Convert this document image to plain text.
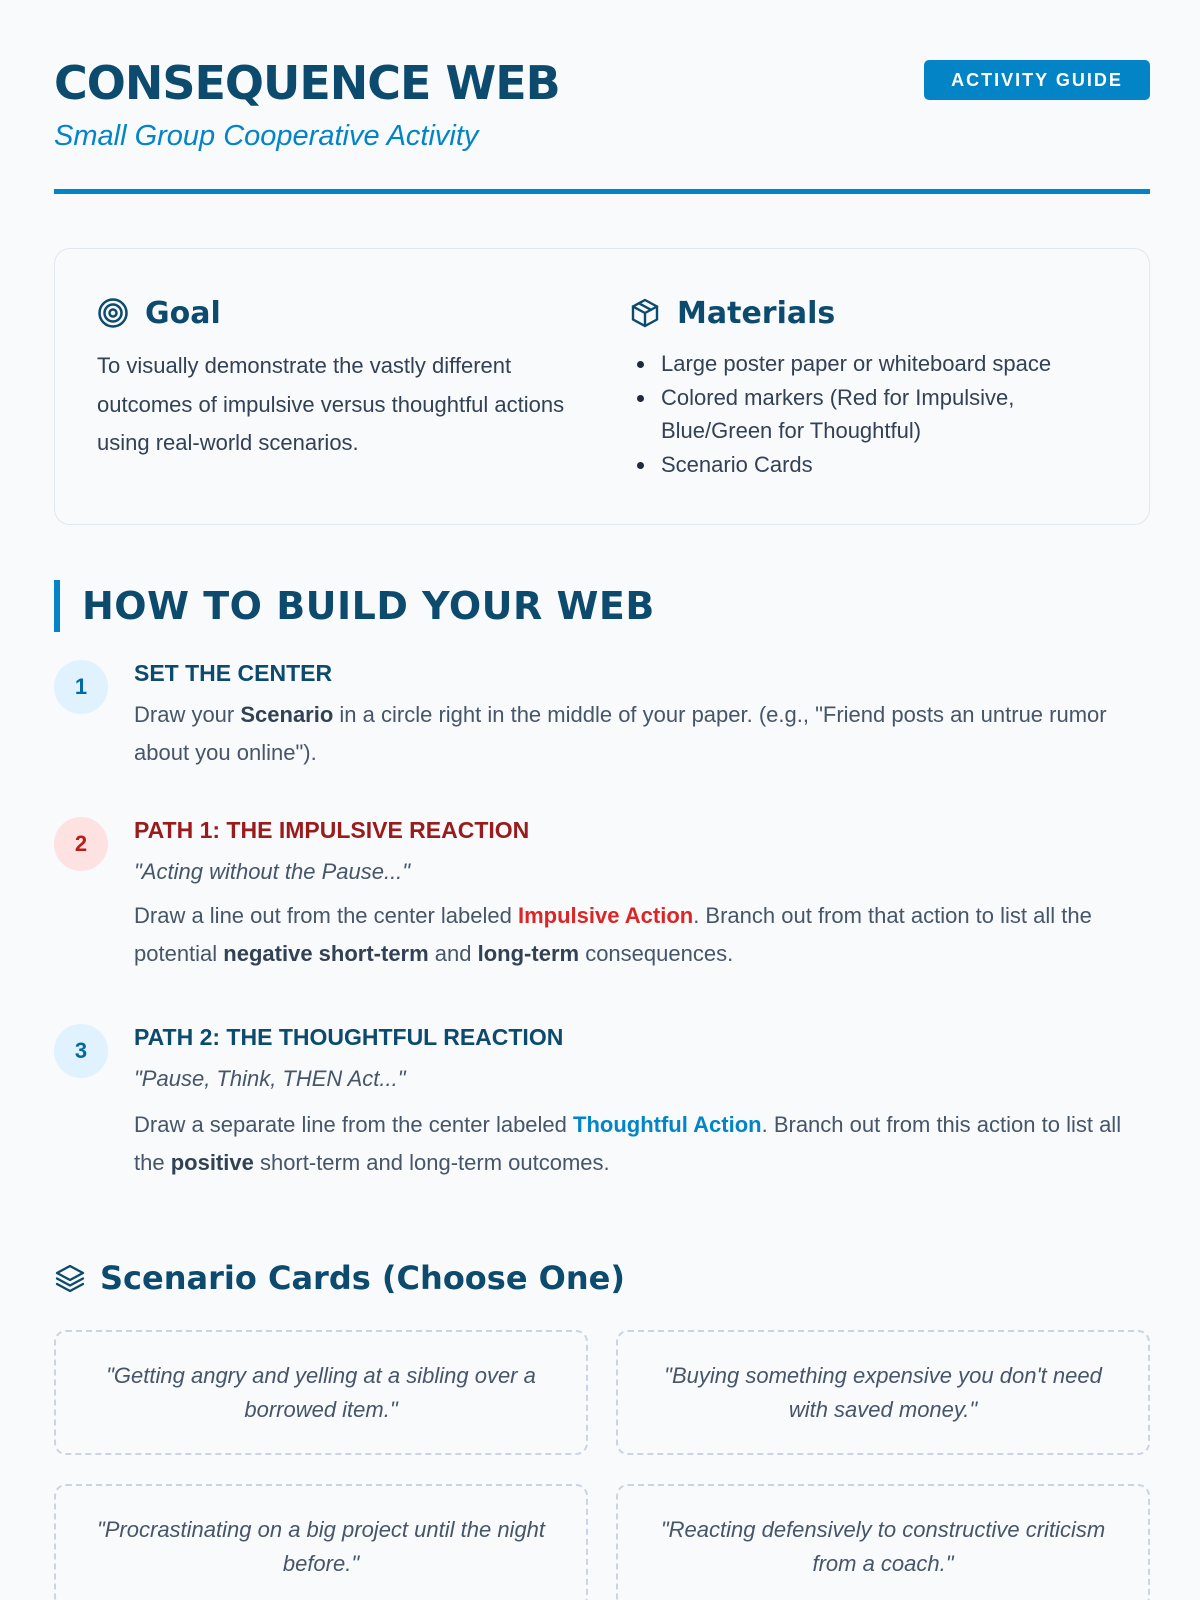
CONSEQUENCE WEB
Small Group Cooperative Activity
ACTIVITY GUIDE
Goal

To visually demonstrate the vastly different outcomes of impulsive versus thoughtful actions using real-world scenarios.

Materials
Large poster paper or whiteboard space
Colored markers (Red for Impulsive, Blue/Green for Thoughtful)
Scenario Cards
HOW TO BUILD YOUR WEB
1
SET THE CENTER

Draw your Scenario in a circle right in the middle of your paper. (e.g., "Friend posts an untrue rumor about you online").

2
PATH 1: THE IMPULSIVE REACTION
"Acting without the Pause..."

Draw a line out from the center labeled Impulsive Action. Branch out from that action to list all the potential negative short-term and long-term consequences.

3
PATH 2: THE THOUGHTFUL REACTION
"Pause, Think, THEN Act..."

Draw a separate line from the center labeled Thoughtful Action. Branch out from this action to list all the positive short-term and long-term outcomes.

Scenario Cards (Choose One)
"Getting angry and yelling at a sibling over a borrowed item."
"Buying something expensive you don't need with saved money."
"Procrastinating on a big project until the night before."
"Reacting defensively to constructive criticism from a coach."
